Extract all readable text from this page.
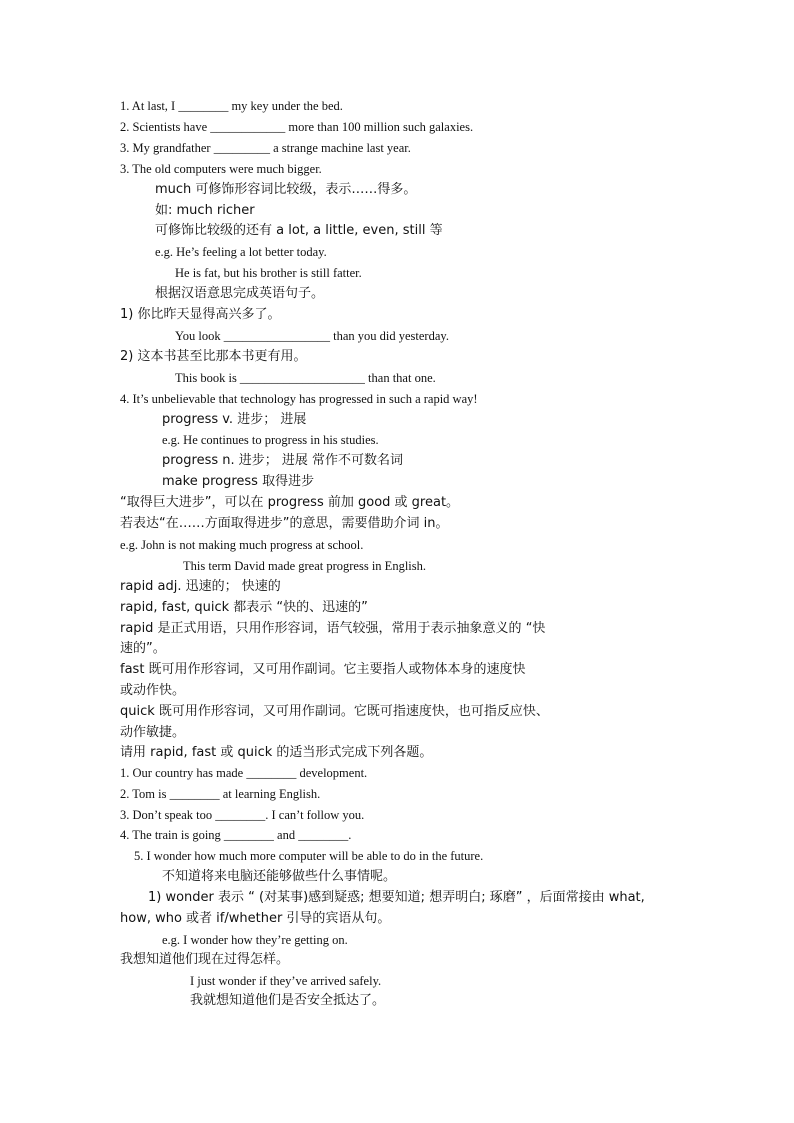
1. At last, I ________ my key under the bed.
2. Scientists have ____________ more than 100 million such galaxies.
3. My grandfather _________ a strange machine last year.
3. The old computers were much bigger.
much 可修饰形容词比较级，表示……得多。
如: much richer
可修饰比较级的还有 a lot, a little, even, still 等
e.g. He’s feeling a lot better today.
He is fat, but his brother is still fatter.
根据汉语意思完成英语句子。
1) 你比昨天显得高兴多了。
You look _________________ than you did yesterday.
2) 这本书甚至比那本书更有用。
This book is ____________________ than that one.
4. It’s unbelievable that technology has progressed in such a rapid way!
progress v. 进步； 进展
e.g. He continues to progress in his studies.
progress n. 进步； 进展 常作不可数名词
make progress 取得进步
“取得巨大进步”，可以在 progress 前加 good 或 great。
若表达“在……方面取得进步”的意思，需要借助介词 in。
e.g. John is not making much progress at school.
This term David made great progress in English.
rapid adj. 迅速的； 快速的
rapid, fast, quick 都表示 “快的、迅速的”
rapid 是正式用语，只用作形容词，语气较强，常用于表示抽象意义的 “快
速的”。
fast 既可用作形容词，又可用作副词。它主要指人或物体本身的速度快
或动作快。
quick 既可用作形容词，又可用作副词。它既可指速度快，也可指反应快、
动作敏捷。
请用 rapid, fast 或 quick 的适当形式完成下列各题。
1. Our country has made ________ development.
2. Tom is ________ at learning English.
3. Don’t speak too ________. I can’t follow you.
4. The train is going ________ and ________.
5. I wonder how much more computer will be able to do in the future.
不知道将来电脑还能够做些什么事情呢。
1) wonder 表示 “ (对某事)感到疑惑; 想要知道; 想弄明白; 琢磨” ，后面常接由 what,
how, who 或者 if/whether 引导的宾语从句。
e.g. I wonder how they’re getting on.
我想知道他们现在过得怎样。
I just wonder if they’ve arrived safely.
我就想知道他们是否安全抵达了。
